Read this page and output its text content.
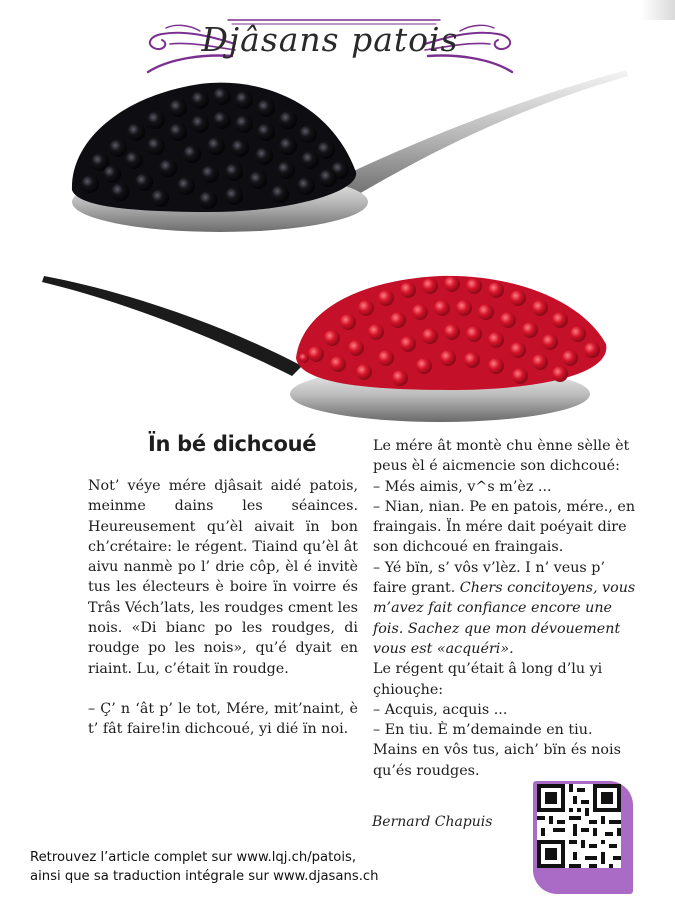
Djâsans patois
Ïn bé dichcoué

Not’ véye mére djâsait aidé patois, meinme dains les séainces. Heureusement qu’èl aivait ïn bon ch’crétaire: le régent. Tiaind qu’èl ât aivu nanmè po l’ drie côp, èl é invitè tus les électeurs è boire ïn voirre és Trâs Véch’lats, les roudges cment les nois. «Di bianc po les roudges, di roudge po les nois», qu’é dyait en riaint. Lu, c’était ïn roudge.

– Ç’ n ‘ât p’ le tot, Mére, mit’naint, è t’ fât faire!in dichcoué, yi dié ïn noi.

Le mére ât montè chu ènne sèlle èt peus èl é aicmencie son dichcoué:

– Més aimis, v^s m’èz ...

– Nian, nian. Pe en patois, mére., en fraingais. Ïn mére dait poéyait dire son dichcoué en fraingais.

– Yé bïn, s’ vôs v’lèz. I n’ veus p’ faire grant. Chers concitoyens, vous m’avez fait confiance encore une fois. Sachez que mon dévouement vous est «acquéri».

Le régent qu’était â long d’lu yi çhiouçhe:

– Acquis, acquis ...

– En tiu. È m’demainde en tiu. Mains en vôs tus, aich’ bïn és nois qu’és roudges.

Bernard Chapuis

Retrouvez l’article complet sur www.lqj.ch/patois,

ainsi que sa traduction intégrale sur www.djasans.ch
